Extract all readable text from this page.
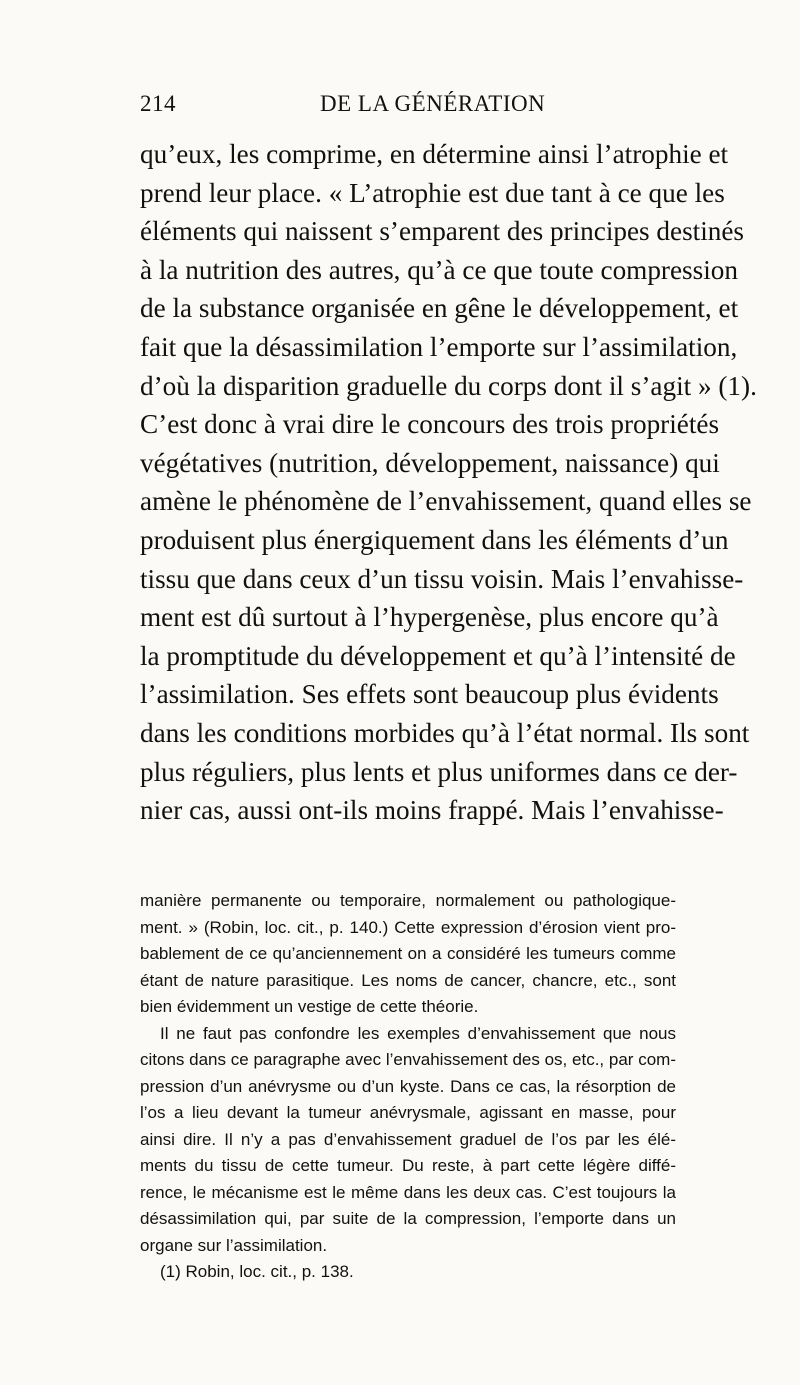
214	DE LA GÉNÉRATION
qu’eux, les comprime, en détermine ainsi l’atrophie et
prend leur place. « L’atrophie est due tant à ce que les
éléments qui naissent s’emparent des principes destinés
à la nutrition des autres, qu’à ce que toute compression
de la substance organisée en gêne le développement, et
fait que la désassimilation l’emporte sur l’assimilation,
d’où la disparition graduelle du corps dont il s’agit » (1).
C’est donc à vrai dire le concours des trois propriétés
végétatives (nutrition, développement, naissance) qui
amène le phénomène de l’envahissement, quand elles se
produisent plus énergiquement dans les éléments d’un
tissu que dans ceux d’un tissu voisin. Mais l’envahisse-
ment est dû surtout à l’hypergenèse, plus encore qu’à
la promptitude du développement et qu’à l’intensité de
l’assimilation. Ses effets sont beaucoup plus évidents
dans les conditions morbides qu’à l’état normal. Ils sont
plus réguliers, plus lents et plus uniformes dans ce der-
nier cas, aussi ont-ils moins frappé. Mais l’envahisse-
manière permanente ou temporaire, normalement ou pathologique-
ment. » (Robin, loc. cit., p. 140.) Cette expression d’érosion vient pro-
bablement de ce qu’anciennement on a considéré les tumeurs comme
étant de nature parasitique. Les noms de cancer, chancre, etc., sont
bien évidemment un vestige de cette théorie.
Il ne faut pas confondre les exemples d’envahissement que nous
citons dans ce paragraphe avec l’envahissement des os, etc., par com-
pression d’un anévrysme ou d’un kyste. Dans ce cas, la résorption de
l’os a lieu devant la tumeur anévrysmale, agissant en masse, pour
ainsi dire. Il n’y a pas d’envahissement graduel de l’os par les élé-
ments du tissu de cette tumeur. Du reste, à part cette légère diffé-
rence, le mécanisme est le même dans les deux cas. C’est toujours la
désassimilation qui, par suite de la compression, l’emporte dans un
organe sur l’assimilation.
(1) Robin, loc. cit., p. 138.
